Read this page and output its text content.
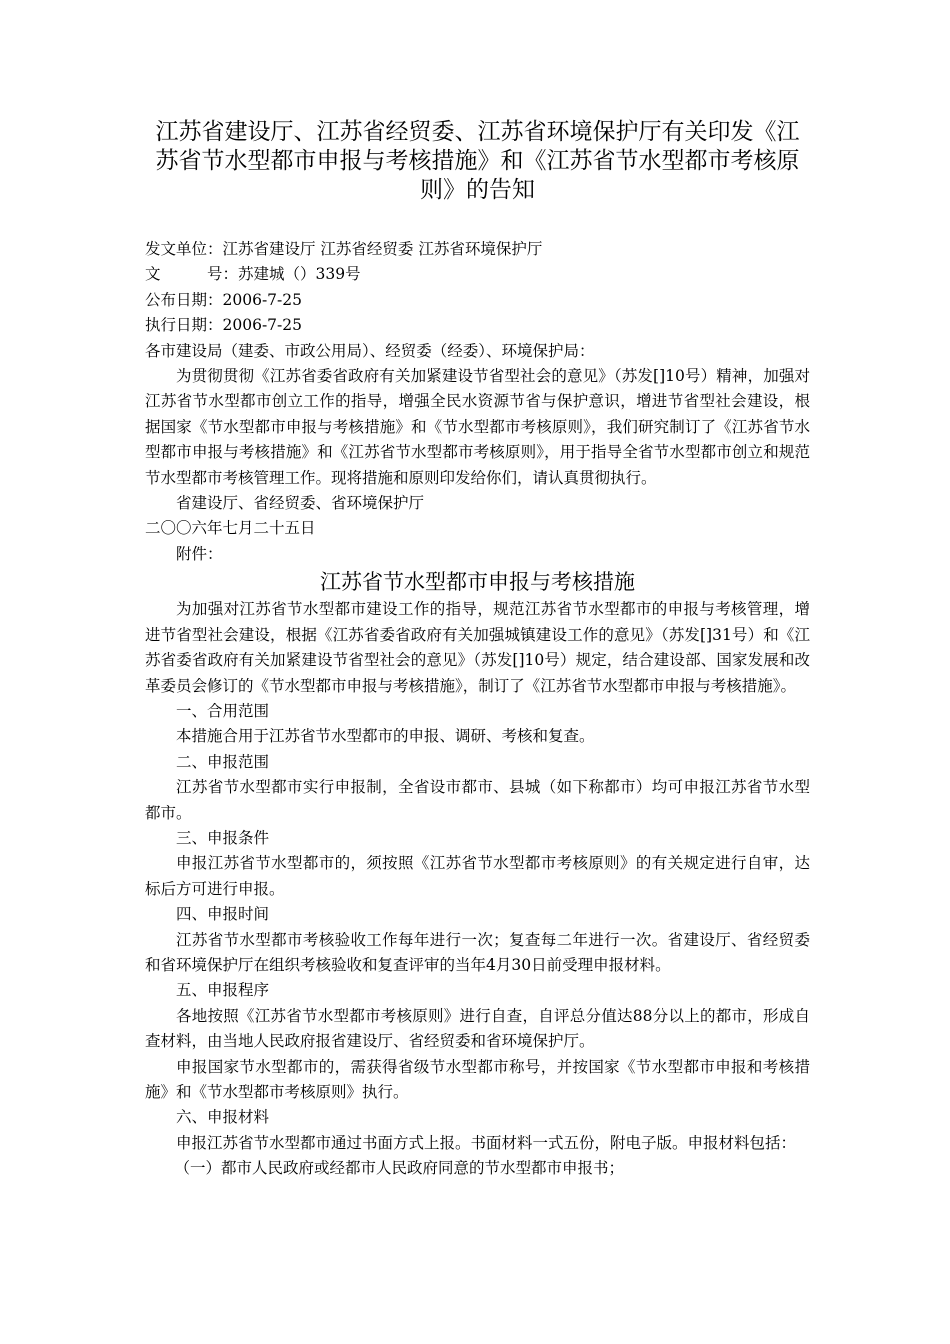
江苏省建设厅、江苏省经贸委、江苏省环境保护厅有关印发《江苏省节水型都市申报与考核措施》和《江苏省节水型都市考核原则》的告知

发文单位：江苏省建设厅 江苏省经贸委 江苏省环境保护厅

文	号：苏建城（）339号

公布日期：2006-7-25

执行日期：2006-7-25

各市建设局（建委、市政公用局）、经贸委（经委）、环境保护局：

为贯彻贯彻《江苏省委省政府有关加紧建设节省型社会的意见》（苏发[]10号）精神，加强对江苏省节水型都市创立工作的指导，增强全民水资源节省与保护意识，增进节省型社会建设，根据国家《节水型都市申报与考核措施》和《节水型都市考核原则》，我们研究制订了《江苏省节水型都市申报与考核措施》和《江苏省节水型都市考核原则》，用于指导全省节水型都市创立和规范节水型都市考核管理工作。现将措施和原则印发给你们，请认真贯彻执行。

省建设厅、省经贸委、省环境保护厅

二〇〇六年七月二十五日

附件：

江苏省节水型都市申报与考核措施

为加强对江苏省节水型都市建设工作的指导，规范江苏省节水型都市的申报与考核管理，增进节省型社会建设，根据《江苏省委省政府有关加强城镇建设工作的意见》（苏发[]31号）和《江苏省委省政府有关加紧建设节省型社会的意见》（苏发[]10号）规定，结合建设部、国家发展和改革委员会修订的《节水型都市申报与考核措施》，制订了《江苏省节水型都市申报与考核措施》。

一、合用范围

本措施合用于江苏省节水型都市的申报、调研、考核和复查。

二、申报范围

江苏省节水型都市实行申报制，全省设市都市、县城（如下称都市）均可申报江苏省节水型都市。

三、申报条件

申报江苏省节水型都市的，须按照《江苏省节水型都市考核原则》的有关规定进行自审，达标后方可进行申报。

四、申报时间

江苏省节水型都市考核验收工作每年进行一次；复查每二年进行一次。省建设厅、省经贸委和省环境保护厅在组织考核验收和复查评审的当年4月30日前受理申报材料。

五、申报程序

各地按照《江苏省节水型都市考核原则》进行自查，自评总分值达88分以上的都市，形成自查材料，由当地人民政府报省建设厅、省经贸委和省环境保护厅。

申报国家节水型都市的，需获得省级节水型都市称号，并按国家《节水型都市申报和考核措施》和《节水型都市考核原则》执行。

六、申报材料

申报江苏省节水型都市通过书面方式上报。书面材料一式五份，附电子版。申报材料包括：

（一）都市人民政府或经都市人民政府同意的节水型都市申报书；
